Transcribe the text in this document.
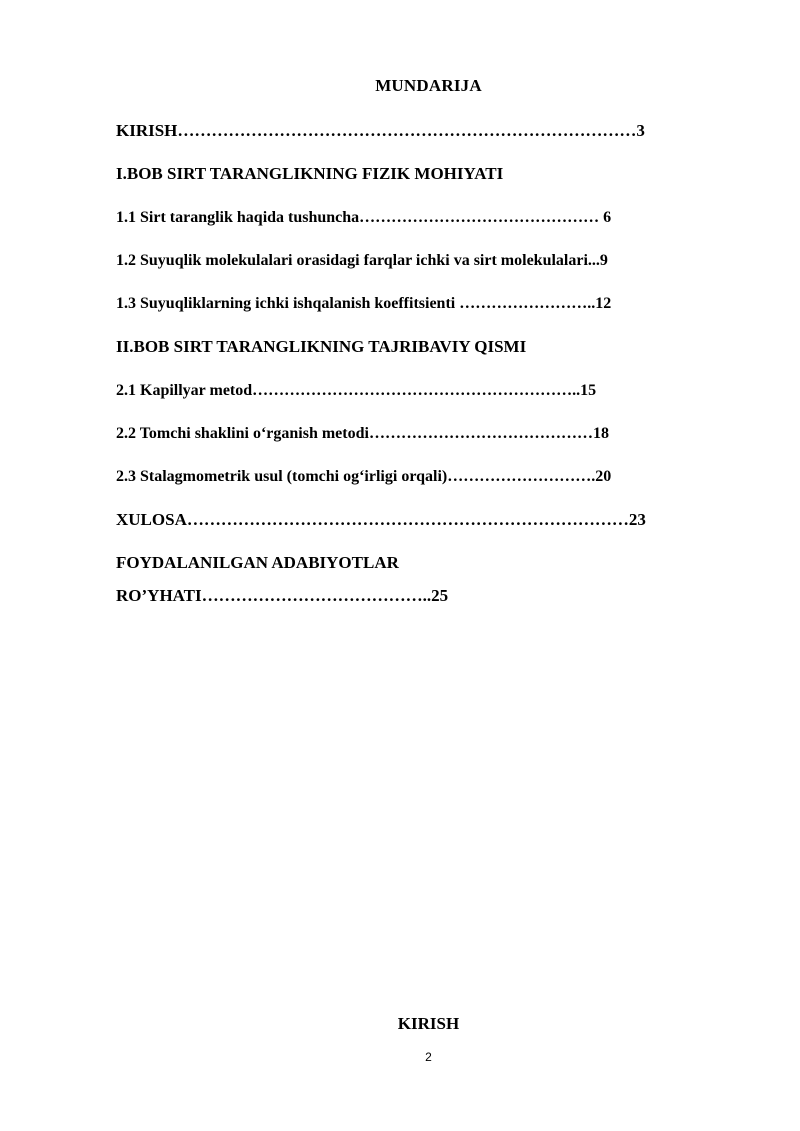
MUNDARIJA
KIRISH………………………………………………………………………3
I.BOB SIRT TARANGLIKNING FIZIK MOHIYATI
1.1 Sirt taranglik haqida tushuncha……………………………………… 6
1.2 Suyuqlik molekulalari orasidagi farqlar ichki va sirt molekulalari...9
1.3 Suyuqliklarning ichki ishqalanish koeffitsienti ……………………..12
II.BOB SIRT TARANGLIKNING TAJRIBAVIY QISMI
2.1 Kapillyar metod……………………………………………………..15
2.2 Tomchi shaklini o‘rganish metodi……………………………………18
2.3 Stalagmometrik usul (tomchi og‘irligi orqali)……………………….20
XULOSA……………………………………………………………………23
FOYDALANILGAN ADABIYOTLAR
RO’YHATI…………………………………..25
KIRISH
2
